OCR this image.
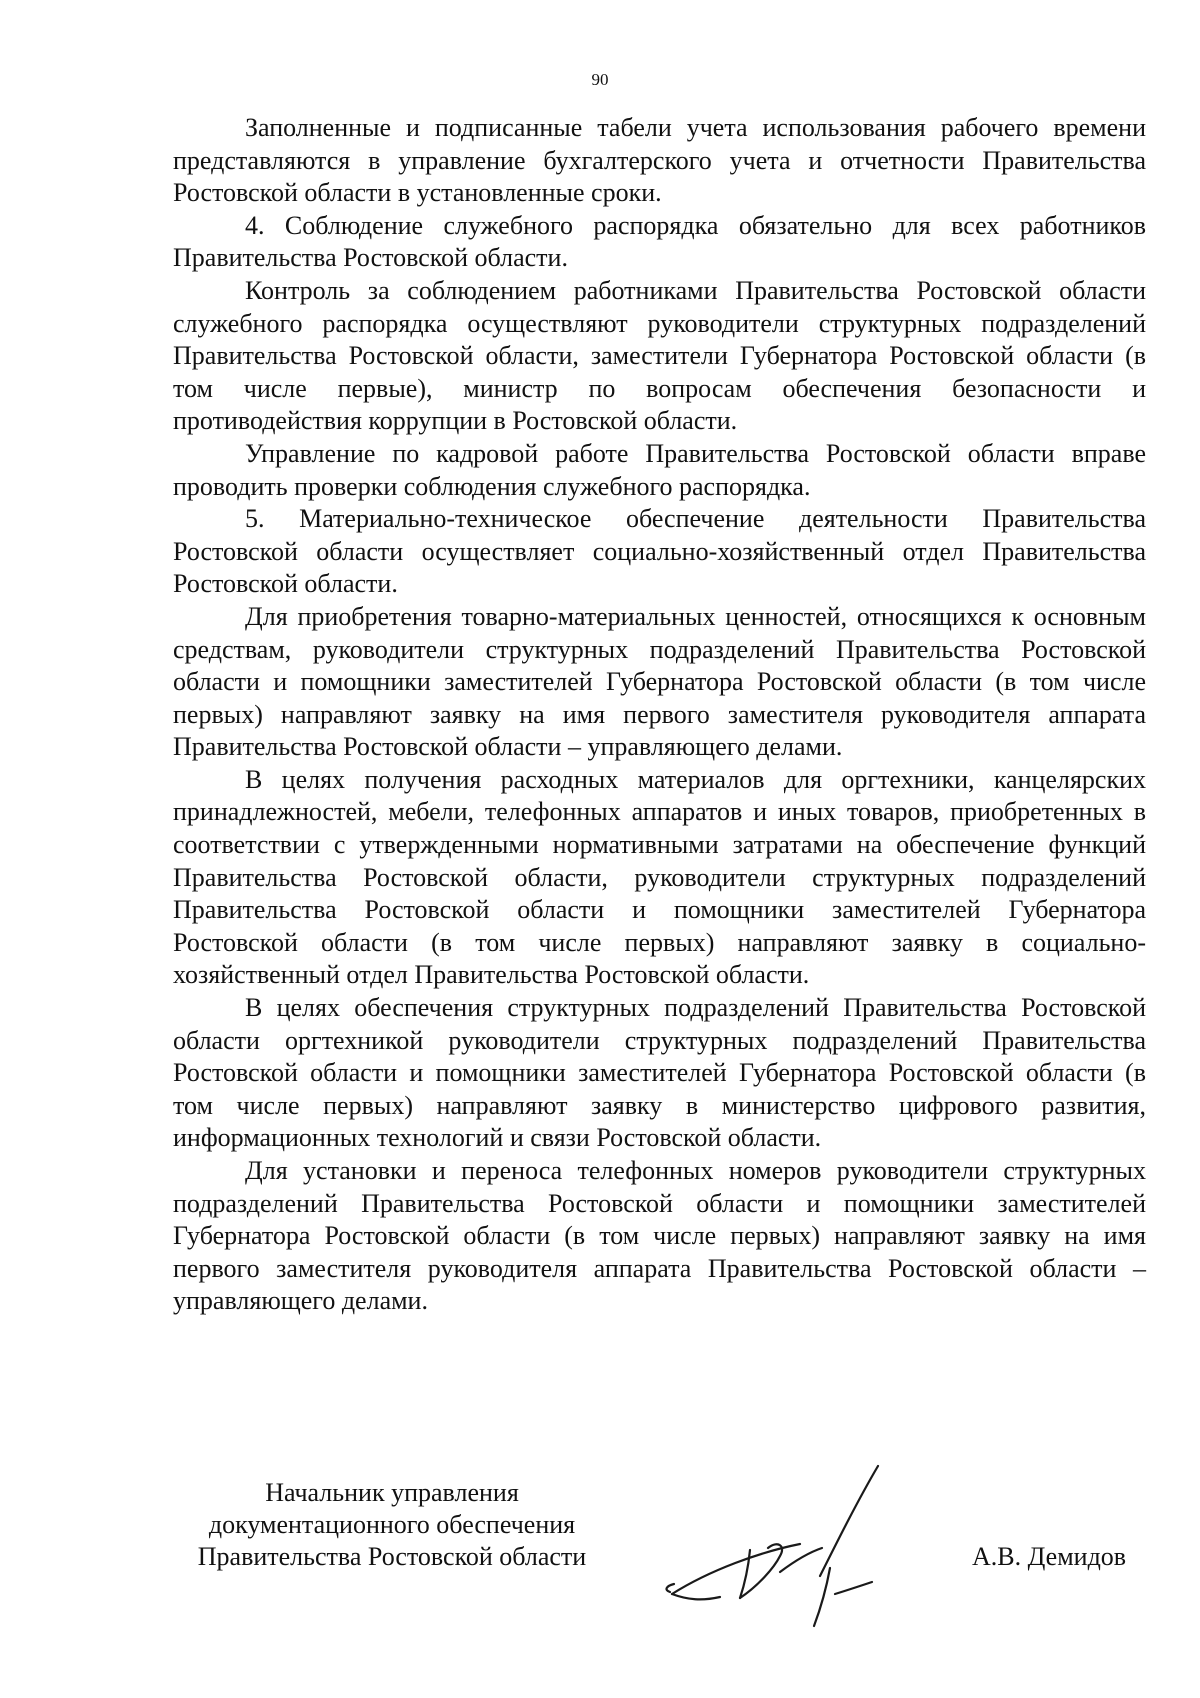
90

Заполненные и подписанные табели учета использования рабочего времени представляются в управление бухгалтерского учета и отчетности Правительства Ростовской области в установленные сроки.

4. Соблюдение служебного распорядка обязательно для всех работников Правительства Ростовской области.

Контроль за соблюдением работниками Правительства Ростовской области служебного распорядка осуществляют руководители структурных подразделений Правительства Ростовской области, заместители Губернатора Ростовской области (в том числе первые), министр по вопросам обеспечения безопасности и противодействия коррупции в Ростовской области.

Управление по кадровой работе Правительства Ростовской области вправе проводить проверки соблюдения служебного распорядка.

5. Материально-техническое обеспечение деятельности Правительства Ростовской области осуществляет социально-хозяйственный отдел Правительства Ростовской области.

Для приобретения товарно-материальных ценностей, относящихся к основным средствам, руководители структурных подразделений Правительства Ростовской области и помощники заместителей Губернатора Ростовской области (в том числе первых) направляют заявку на имя первого заместителя руководителя аппарата Правительства Ростовской области – управляющего делами.

В целях получения расходных материалов для оргтехники, канцелярских принадлежностей, мебели, телефонных аппаратов и иных товаров, приобретенных в соответствии с утвержденными нормативными затратами на обеспечение функций Правительства Ростовской области, руководители структурных подразделений Правительства Ростовской области и помощники заместителей Губернатора Ростовской области (в том числе первых) направляют заявку в социально-хозяйственный отдел Правительства Ростовской области.

В целях обеспечения структурных подразделений Правительства Ростовской области оргтехникой руководители структурных подразделений Правительства Ростовской области и помощники заместителей Губернатора Ростовской области (в том числе первых) направляют заявку в министерство цифрового развития, информационных технологий и связи Ростовской области.

Для установки и переноса телефонных номеров руководители структурных подразделений Правительства Ростовской области и помощники заместителей Губернатора Ростовской области (в том числе первых) направляют заявку на имя первого заместителя руководителя аппарата Правительства Ростовской области – управляющего делами.

Начальник управления
документационного обеспечения
Правительства Ростовской области	А.В. Демидов
